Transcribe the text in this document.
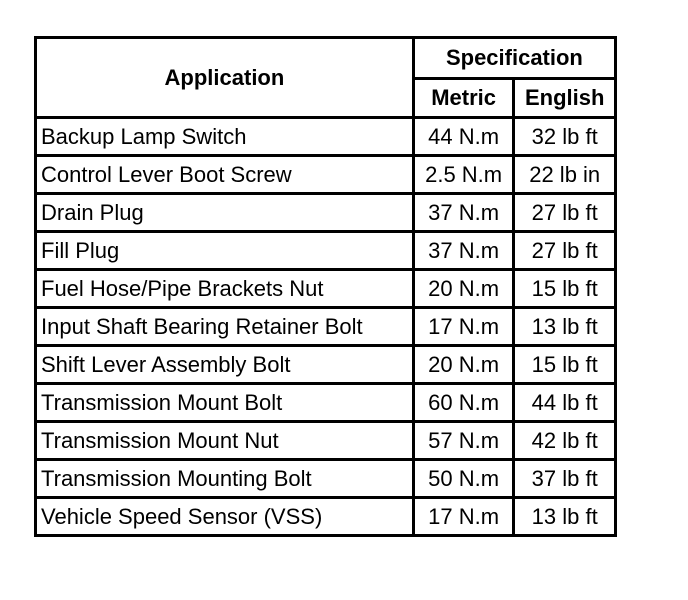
Application	Specification	
	Metric	English
Backup Lamp Switch	44 N.m	32 lb ft
Control Lever Boot Screw	2.5 N.m	22 lb in
Drain Plug	37 N.m	27 lb ft
Fill Plug	37 N.m	27 lb ft
Fuel Hose/Pipe Brackets Nut	20 N.m	15 lb ft
Input Shaft Bearing Retainer Bolt	17 N.m	13 lb ft
Shift Lever Assembly Bolt	20 N.m	15 lb ft
Transmission Mount Bolt	60 N.m	44 lb ft
Transmission Mount Nut	57 N.m	42 lb ft
Transmission Mounting Bolt	50 N.m	37 lb ft
Vehicle Speed Sensor (VSS)	17 N.m	13 lb ft
